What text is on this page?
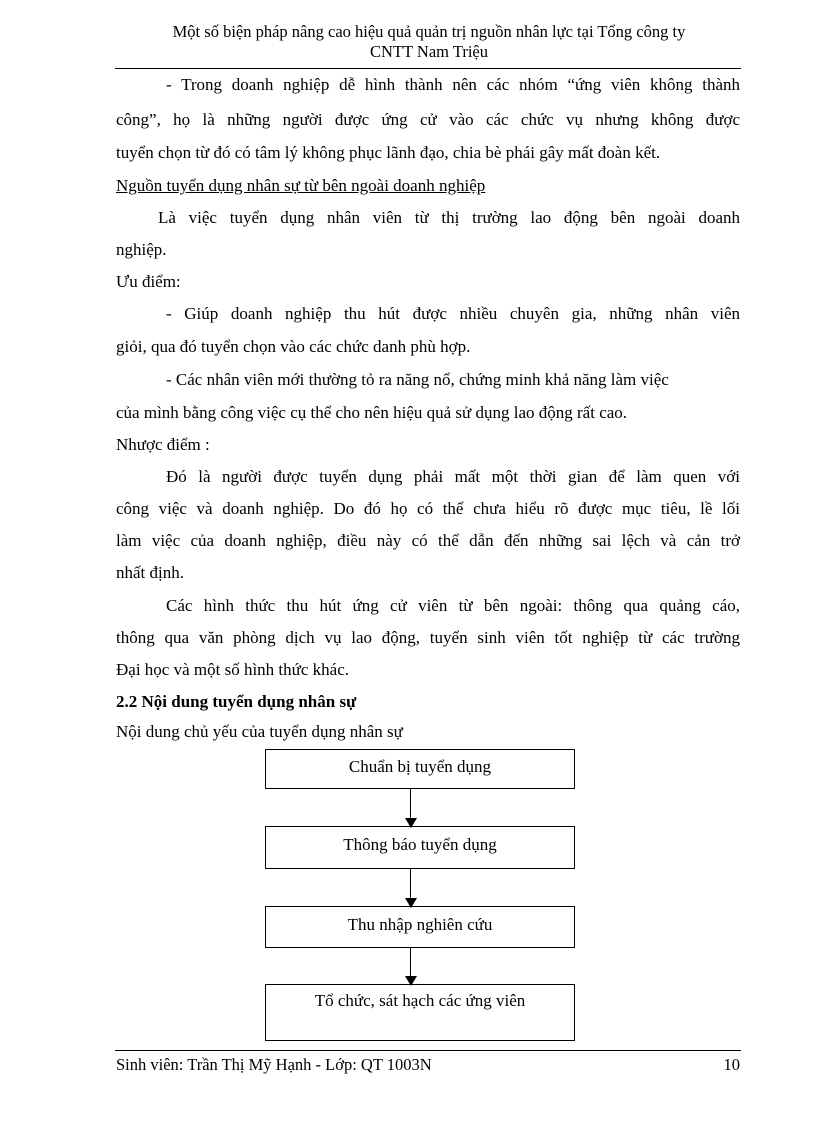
Một số biện pháp nâng cao hiệu quả quản trị nguồn nhân lực tại Tổng công ty
CNTT Nam Triệu
- Trong doanh nghiệp dễ hình thành nên các nhóm “ứng viên không thành
công”, họ là những người được ứng cử vào các chức vụ nhưng không được
tuyển chọn từ đó có tâm lý không phục lãnh đạo, chia bè phái gây mất đoàn kết.
Nguồn tuyển dụng nhân sự từ bên ngoài doanh nghiệp
Là việc tuyển dụng nhân viên từ thị trường lao động bên ngoài doanh
nghiệp.
Ưu điểm:
- Giúp doanh nghiệp thu hút được nhiều chuyên gia, những nhân viên
giỏi, qua đó tuyển chọn vào các chức danh phù hợp.
- Các nhân viên mới thường tỏ ra năng nổ, chứng minh khả năng làm việc
của mình bằng công việc cụ thể cho nên hiệu quả sử dụng lao động rất cao.
Nhược điểm :
Đó là người được tuyển dụng phải mất một thời gian để làm quen với
công việc và doanh nghiệp. Do đó họ có thể chưa hiểu rõ được mục tiêu, lề lối
làm việc của doanh nghiệp, điều này có thể dẫn đến những sai lệch và cản trở
nhất định.
Các hình thức thu hút ứng cử viên từ bên ngoài: thông qua quảng cáo,
thông qua văn phòng dịch vụ lao động, tuyển sinh viên tốt nghiệp từ các trường
Đại học và một số hình thức khác.
2.2 Nội dung tuyển dụng nhân sự
Nội dung chủ yếu của tuyển dụng nhân sự
Chuẩn bị tuyển dụng
Thông báo tuyển dụng
Thu nhập nghiên cứu
Tổ chức, sát hạch các ứng viên
Sinh viên: Trần Thị Mỹ Hạnh - Lớp: QT 1003N	10
